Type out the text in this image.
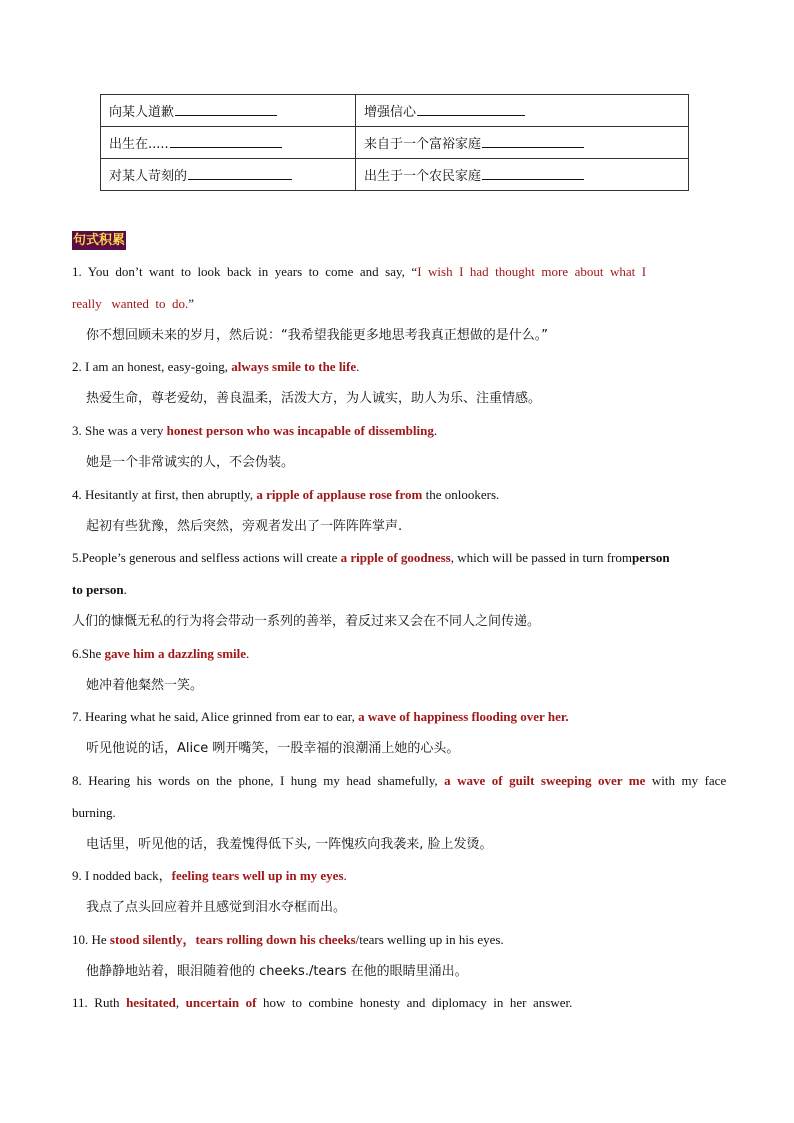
向某人道歉	增强信心
出生在.....	来自于一个富裕家庭
对某人苛刻的	出生于一个农民家庭
句式积累
1.  You  don’t  want  to  look  back  in  years  to  come  and  say,  “I  wish  I  had  thought  more  about  what  I
really   wanted  to  do.”
你不想回顾未来的岁月，然后说：“我希望我能更多地思考我真正想做的是什么。”
2. I am an honest, easy-going, always smile to the life.
热爱生命，尊老爱幼，善良温柔，活泼大方，为人诚实，助人为乐、注重情感。
3. She was a very honest person who was incapable of dissembling.
她是一个非常诚实的人，不会伪装。
4. Hesitantly at first, then abruptly, a ripple of applause rose from the onlookers.
起初有些犹豫，然后突然，旁观者发出了一阵阵阵掌声.
5.People’s generous and selfless actions will create a ripple of goodness, which will be passed in turn fromperson
to person.
人们的慷慨无私的行为将会带动一系列的善举，着反过来又会在不同人之间传递。
6.She gave him a dazzling smile.
她冲着他粲然一笑。
7. Hearing what he said, Alice grinned from ear to ear, a wave of happiness flooding over her.
听见他说的话，Alice 咧开嘴笑，一股幸福的浪潮涌上她的心头。
8.  Hearing  his  words  on  the  phone,  I  hung  my  head  shamefully,  a  wave  of  guilt  sweeping  over  me  with  my  face
burning.
电话里，听见他的话，我羞愧得低下头, 一阵愧疚向我袭来, 脸上发烫。
9. I nodded back，feeling tears well up in my eyes.
我点了点头回应着并且感觉到泪水夺框而出。
10. He stood silently，tears rolling down his cheeks/tears welling up in his eyes.
他静静地站着，眼泪随着他的 cheeks./tears 在他的眼睛里涌出。
11.  Ruth  hesitated,  uncertain  of  how  to  combine  honesty  and  diplomacy  in  her  answer.
